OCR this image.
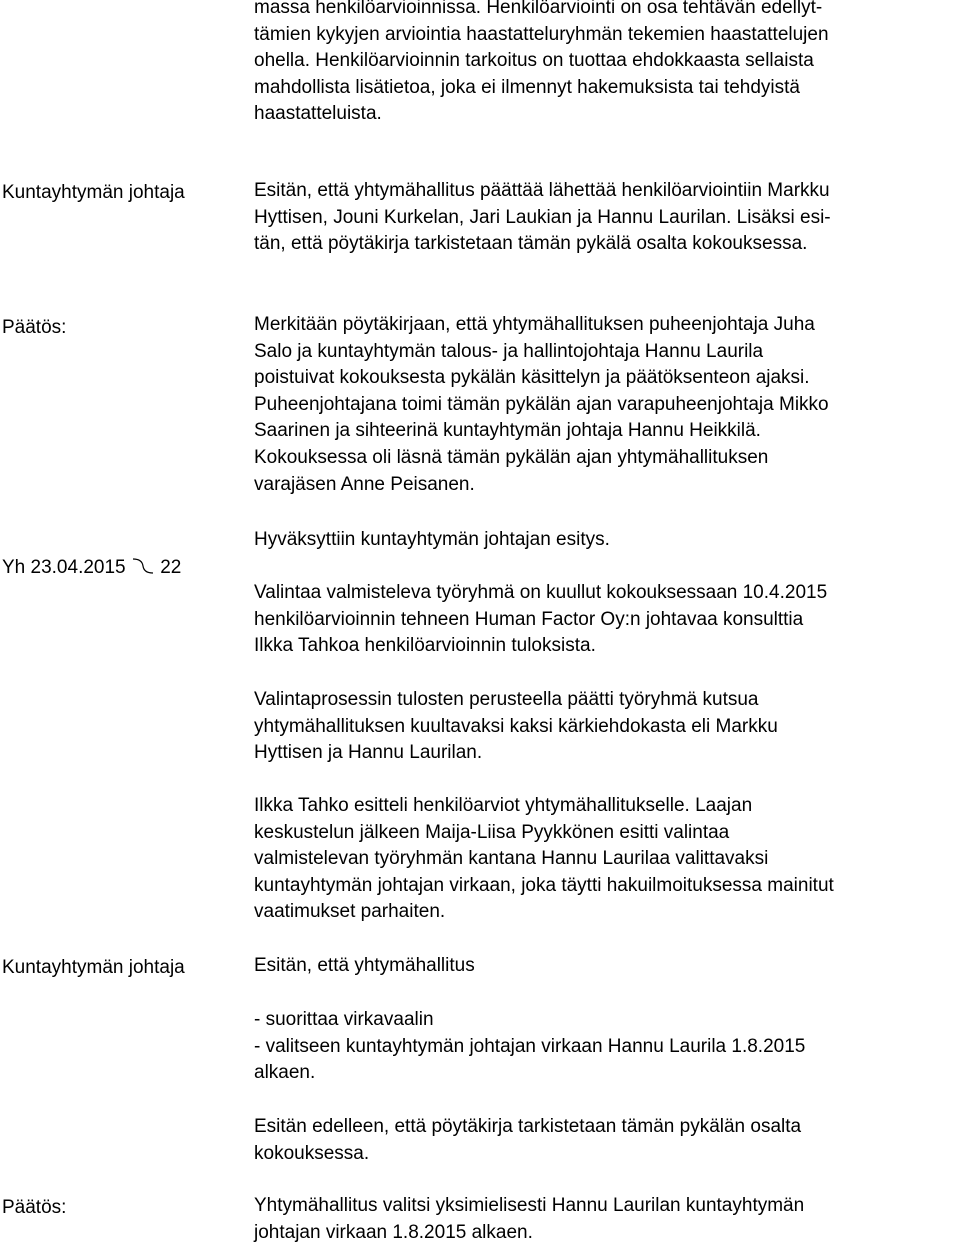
massa henkilöarvioinnissa. Henkilöarviointi on osa tehtävän edellyt-
tämien kykyjen arviointia haastatteluryhmän tekemien haastattelujen
ohella. Henkilöarvioinnin tarkoitus on tuottaa ehdokkaasta sellaista
mahdollista lisätietoa, joka ei ilmennyt hakemuksista tai tehdyistä
haastatteluista.
Kuntayhtymän johtaja	Esitän, että yhtymähallitus päättää lähettää henkilöarviointiin Markku
Hyttisen, Jouni Kurkelan, Jari Laukian ja Hannu Laurilan. Lisäksi esi-
tän, että pöytäkirja tarkistetaan tämän pykälä osalta kokouksessa.
Päätös:	Merkitään pöytäkirjaan, että yhtymähallituksen puheenjohtaja Juha
Salo ja kuntayhtymän talous- ja hallintojohtaja Hannu Laurila
poistuivat kokouksesta pykälän käsittelyn ja päätöksenteon ajaksi.
Puheenjohtajana toimi tämän pykälän ajan varapuheenjohtaja Mikko
Saarinen ja sihteerinä kuntayhtymän johtaja Hannu Heikkilä.
Kokouksessa oli läsnä tämän pykälän ajan yhtymähallituksen
varajäsen Anne Peisanen.
Hyväksyttiin kuntayhtymän johtajan esitys.
Yh 23.04.2015 22
Valintaa valmisteleva työryhmä on kuullut kokouksessaan 10.4.2015
henkilöarvioinnin tehneen Human Factor Oy:n johtavaa konsulttia
Ilkka Tahkoa henkilöarvioinnin tuloksista.
Valintaprosessin tulosten perusteella päätti työryhmä kutsua
yhtymähallituksen kuultavaksi kaksi kärkiehdokasta eli Markku
Hyttisen ja Hannu Laurilan.
Ilkka Tahko esitteli henkilöarviot yhtymähallitukselle. Laajan
keskustelun jälkeen Maija-Liisa Pyykkönen esitti valintaa
valmistelevan työryhmän kantana Hannu Laurilaa valittavaksi
kuntayhtymän johtajan virkaan, joka täytti hakuilmoituksessa mainitut
vaatimukset parhaiten.
Kuntayhtymän johtaja	Esitän, että yhtymähallitus
- suorittaa virkavaalin
- valitseen kuntayhtymän johtajan virkaan Hannu Laurila 1.8.2015
alkaen.
Esitän edelleen, että pöytäkirja tarkistetaan tämän pykälän osalta
kokouksessa.
Päätös:	Yhtymähallitus valitsi yksimielisesti Hannu Laurilan kuntayhtymän
johtajan virkaan 1.8.2015 alkaen.
